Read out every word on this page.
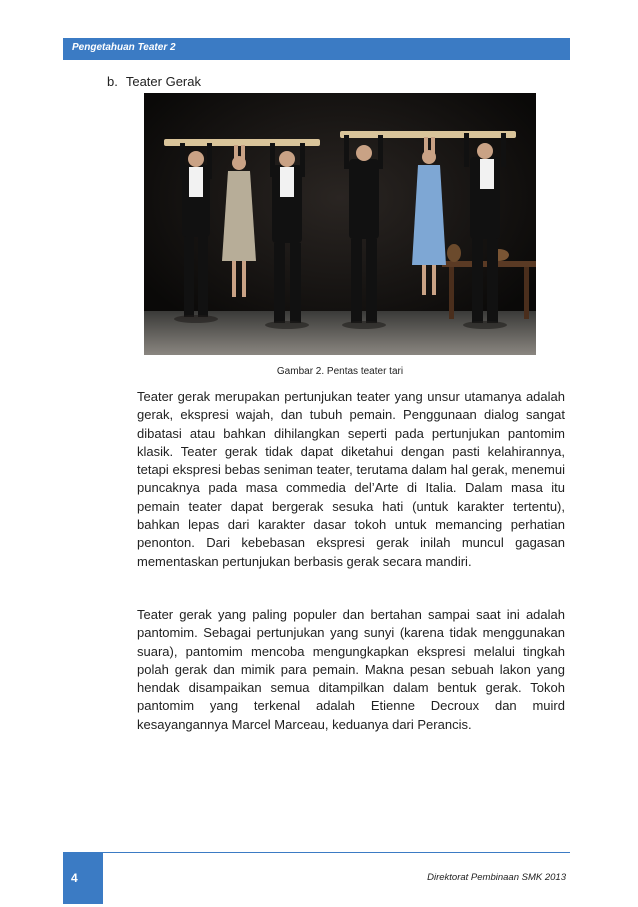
Pengetahuan Teater 2
b. Teater Gerak
Gambar 2. Pentas teater tari
Teater gerak merupakan pertunjukan teater yang unsur utamanya adalah gerak, ekspresi wajah, dan tubuh pemain. Penggunaan dialog sangat dibatasi atau bahkan dihilangkan seperti pada pertunjukan pantomim klasik. Teater gerak tidak dapat diketahui dengan pasti kelahirannya, tetapi ekspresi bebas seniman teater, terutama dalam hal gerak, menemui puncaknya pada masa commedia del’Arte di Italia. Dalam masa itu pemain teater dapat bergerak sesuka hati (untuk karakter tertentu), bahkan lepas dari karakter dasar tokoh untuk memancing perhatian penonton. Dari kebebasan ekspresi gerak inilah muncul gagasan mementaskan pertunjukan berbasis gerak secara mandiri.
Teater gerak yang paling populer dan bertahan sampai saat ini adalah pantomim. Sebagai pertunjukan yang sunyi (karena tidak menggunakan suara), pantomim mencoba mengungkapkan ekspresi melalui tingkah polah gerak dan mimik para pemain. Makna pesan sebuah lakon yang hendak disampaikan semua ditampilkan dalam bentuk gerak. Tokoh pantomim yang terkenal adalah Etienne Decroux dan muird kesayangannya Marcel Marceau, keduanya dari Perancis.
4	Direktorat Pembinaan SMK 2013
